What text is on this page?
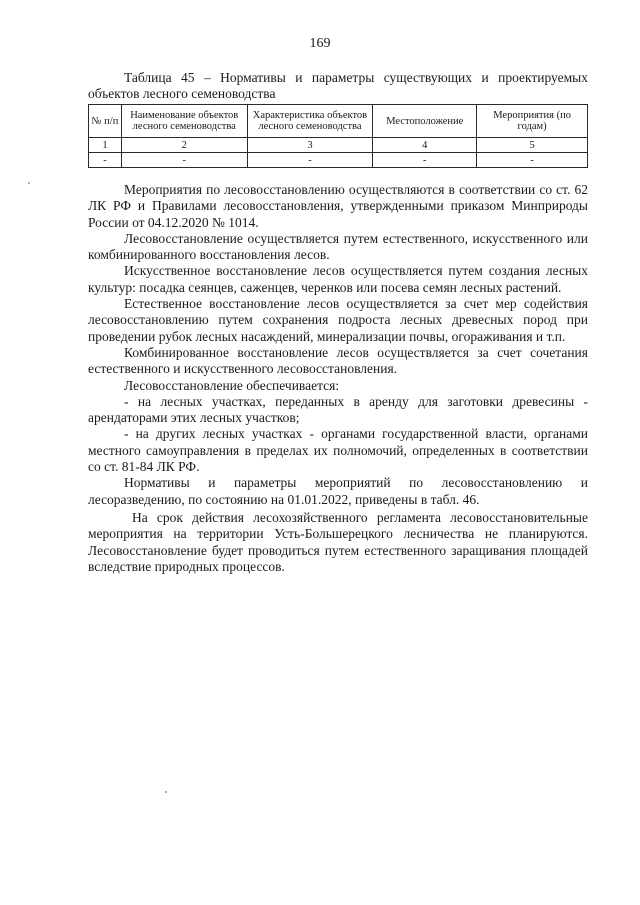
169
Таблица 45 – Нормативы и параметры существующих и проектируемых объектов лесного семеноводства
№ п/п	Наименование объектов лесного семеноводства	Характеристика объектов лесного семеноводства	Местоположение	Мероприятия (по годам)
1	2	3	4	5
-	-	-	-	-

Мероприятия по лесовосстановлению осуществляются в соответствии со ст. 62 ЛК РФ и Правилами лесовосстановления, утвержденными приказом Минприроды России от 04.12.2020 № 1014.

Лесовосстановление осуществляется путем естественного, искусственного или комбинированного восстановления лесов.

Искусственное восстановление лесов осуществляется путем создания лесных культур: посадка сеянцев, саженцев, черенков или посева семян лесных растений.

Естественное восстановление лесов осуществляется за счет мер содействия лесовосстановлению путем сохранения подроста лесных древесных пород при проведении рубок лесных насаждений, минерализации почвы, огораживания и т.п.

Комбинированное восстановление лесов осуществляется за счет сочетания естественного и искусственного лесовосстановления.

Лесовосстановление обеспечивается:

- на лесных участках, переданных в аренду для заготовки древесины - арендаторами этих лесных участков;

- на других лесных участках - органами государственной власти, органами местного самоуправления в пределах их полномочий, определенных в соответствии со ст. 81-84 ЛК РФ.

Нормативы и параметры мероприятий по лесовосстановлению и лесоразведению, по состоянию на 01.01.2022, приведены в табл. 46.

На срок действия лесохозяйственного регламента лесовосстановительные мероприятия на территории Усть-Большерецкого лесничества не планируются. Лесовосстановление будет проводиться путем естественного заращивания площадей вследствие природных процессов.
